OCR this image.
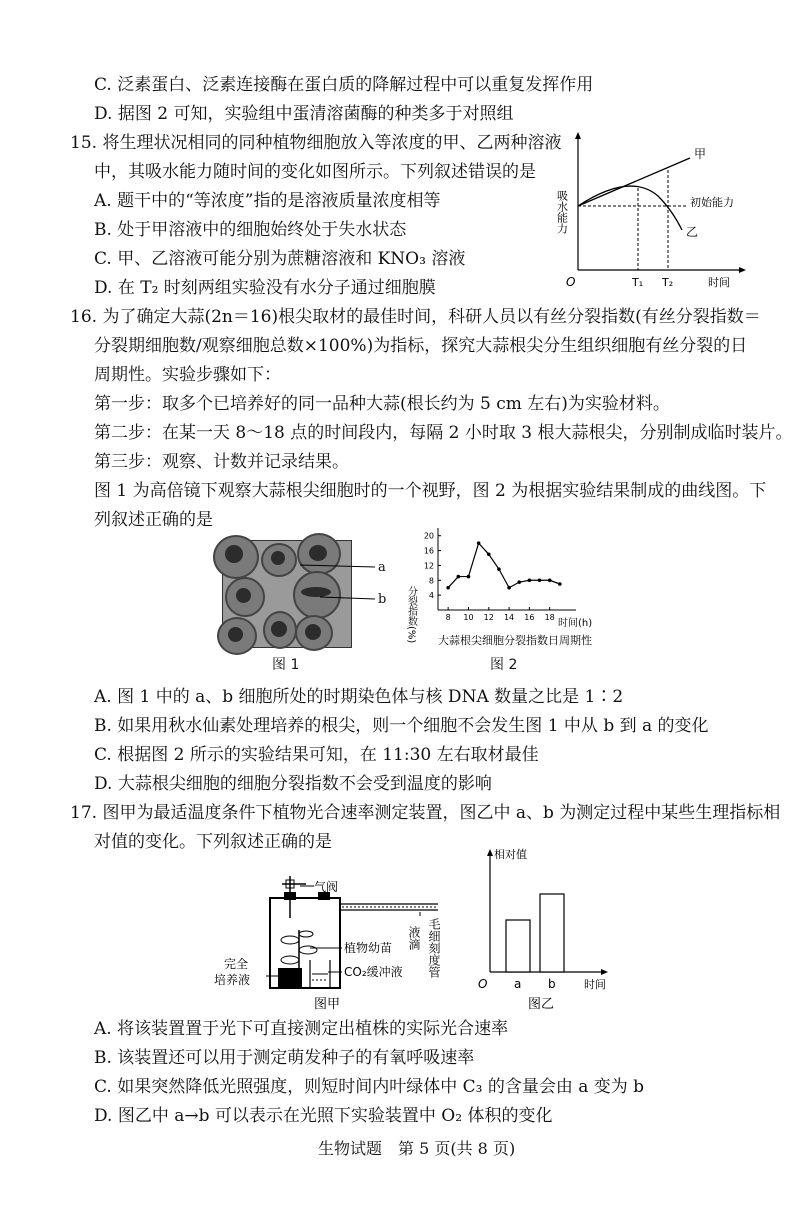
C. 泛素蛋白、泛素连接酶在蛋白质的降解过程中可以重复发挥作用
D. 据图 2 可知，实验组中蛋清溶菌酶的种类多于对照组
15. 将生理状况相同的同种植物细胞放入等浓度的甲、乙两种溶液
中，其吸水能力随时间的变化如图所示。下列叙述错误的是
A. 题干中的“等浓度”指的是溶液质量浓度相等
B. 处于甲溶液中的细胞始终处于失水状态
C. 甲、乙溶液可能分别为蔗糖溶液和 KNO₃ 溶液
D. 在 T₂ 时刻两组实验没有水分子通过细胞膜
吸水能力
O	T₁ T₂	时间
甲
乙
初始能力
16. 为了确定大蒜(2n＝16)根尖取材的最佳时间，科研人员以有丝分裂指数(有丝分裂指数＝
分裂期细胞数/观察细胞总数×100%)为指标，探究大蒜根尖分生组织细胞有丝分裂的日
周期性。实验步骤如下：
第一步：取多个已培养好的同一品种大蒜(根长约为 5 cm 左右)为实验材料。
第二步：在某一天 8～18 点的时间段内，每隔 2 小时取 3 根大蒜根尖，分别制成临时装片。
第三步：观察、计数并记录结果。
图 1 为高倍镜下观察大蒜根尖细胞时的一个视野，图 2 为根据实验结果制成的曲线图。下
列叙述正确的是
a
b
图 1
4
8
12
16
20
8 10 12 14 16 18
分裂指数(%)	时间(h)
大蒜根尖细胞分裂指数日周期性
图 2
A. 图 1 中的 a、b 细胞所处的时期染色体与核 DNA 数量之比是 1∶2
B. 如果用秋水仙素处理培养的根尖，则一个细胞不会发生图 1 中从 b 到 a 的变化
C. 根据图 2 所示的实验结果可知，在 11:30 左右取材最佳
D. 大蒜根尖细胞的细胞分裂指数不会受到温度的影响
17. 图甲为最适温度条件下植物光合速率测定装置，图乙中 a、b 为测定过程中某些生理指标相
对值的变化。下列叙述正确的是
气阀
植物幼苗
CO₂缓冲液
完全
培养液
液滴 毛细刻度管
图甲
相对值
O a b	时间
图乙
A. 将该装置置于光下可直接测定出植株的实际光合速率
B. 该装置还可以用于测定萌发种子的有氧呼吸速率
C. 如果突然降低光照强度，则短时间内叶绿体中 C₃ 的含量会由 a 变为 b
D. 图乙中 a→b 可以表示在光照下实验装置中 O₂ 体积的变化
生物试题　第 5 页(共 8 页)
